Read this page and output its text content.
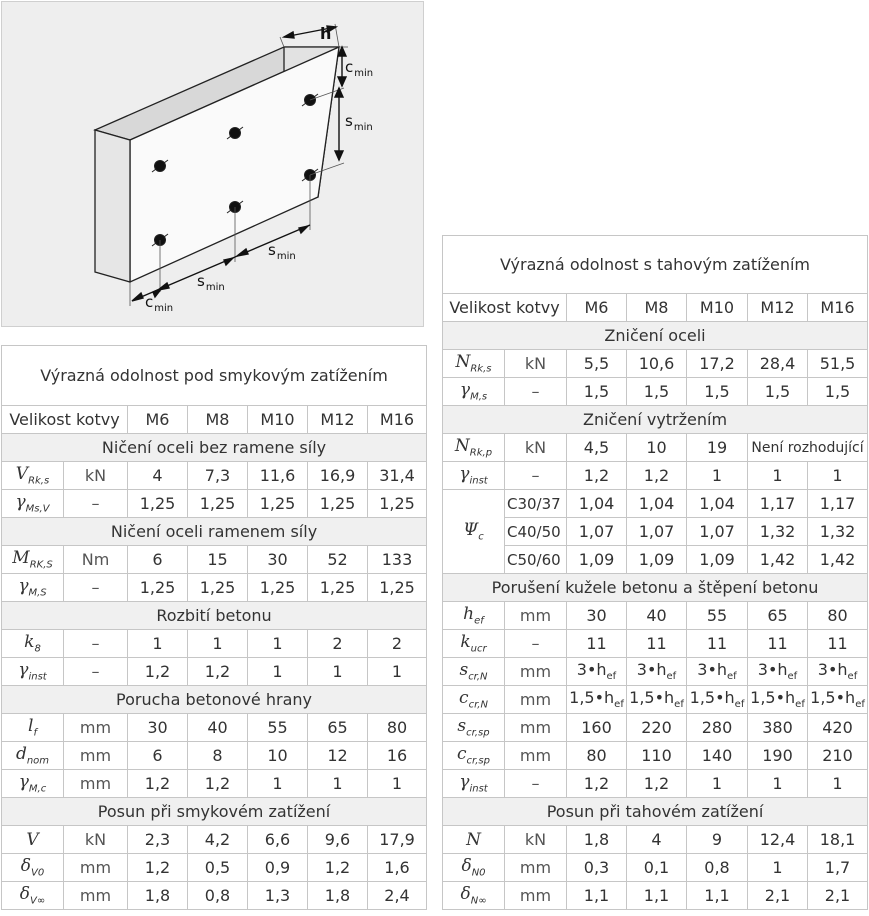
h
$c_{min}$
$s_{min}$
$s_{min}$
$s_{min}$
$c_{min}$
Výrazná odolnost pod smykovým zatížením						
Velikost kotvy		M6	M8	M10	M12	M16
Ničení oceli bez ramene síly						
$V_{Rk,s}$	kN	4	7,3	11,6	16,9	31,4
$\gamma_{Ms,V}$	–	1,25	1,25	1,25	1,25	1,25
Ničení oceli ramenem síly						
$M_{RK,S}$	Nm	6	15	30	52	133
$\gamma_{M,S}$	–	1,25	1,25	1,25	1,25	1,25
Rozbití betonu						
$k_8$	–	1	1	1	2	2
$\gamma_{inst}$	–	1,2	1,2	1	1	1
Porucha betonové hrany						
$l_f$	mm	30	40	55	65	80
$d_{nom}$	mm	6	8	10	12	16
$\gamma_{M,c}$	mm	1,2	1,2	1	1	1
Posun při smykovém zatížení						
V	kN	2,3	4,2	6,6	9,6	17,9
$\delta_{V0}$	mm	1,2	0,5	0,9	1,2	1,6
$\delta_{V\infty}$	mm	1,8	0,8	1,3	1,8	2,4
Výrazná odolnost s tahovým zatížením						
Velikost kotvy		M6	M8	M10	M12	M16
Zničení oceli						
$N_{Rk,s}$	kN	5,5	10,6	17,2	28,4	51,5
$\gamma_{M,s}$	–	1,5	1,5	1,5	1,5	1,5
Zničení vytržením						
$N_{Rk,p}$	kN	4,5	10	19	Není rozhodující	
$\gamma_{inst}$	–	1,2	1,2	1	1	1
$\Psi_c$	C30/37	1,04	1,04	1,04	1,17	1,17
	C40/50	1,07	1,07	1,07	1,32	1,32
	C50/60	1,09	1,09	1,09	1,42	1,42
Porušení kužele betonu a štěpení betonu						
$h_{ef}$	mm	30	40	55	65	80
$k_{ucr}$	–	11	11	11	11	11
$s_{cr,N}$	mm	$3•h_{ef}$	$3•h_{ef}$	$3•h_{ef}$	$3•h_{ef}$	$3•h_{ef}$
$c_{cr,N}$	mm	$1,5•h_{ef}$	$1,5•h_{ef}$	$1,5•h_{ef}$	$1,5•h_{ef}$	$1,5•h_{ef}$
$s_{cr,sp}$	mm	160	220	280	380	420
$c_{cr,sp}$	mm	80	110	140	190	210
$\gamma_{inst}$	–	1,2	1,2	1	1	1
Posun při tahovém zatížení						
N	kN	1,8	4	9	12,4	18,1
$\delta_{N0}$	mm	0,3	0,1	0,8	1	1,7
$\delta_{N\infty}$	mm	1,1	1,1	1,1	2,1	2,1
